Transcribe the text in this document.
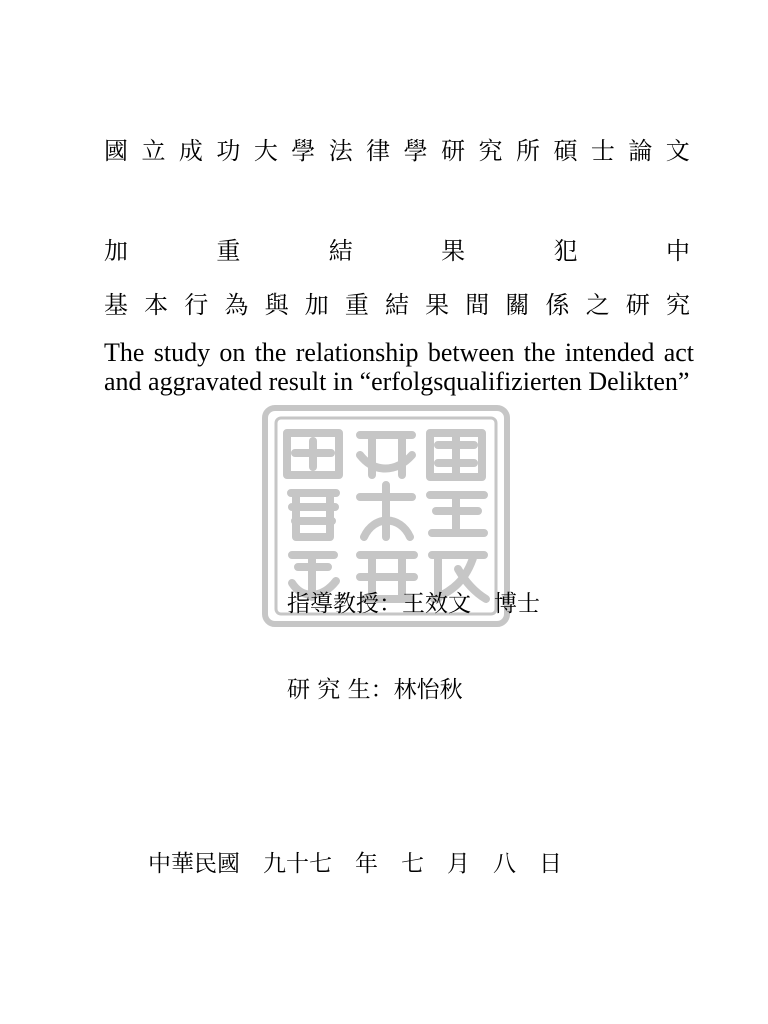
國 立 成 功 大 學 法 律 學 研 究 所 碩 士 論 文
加	重	結	果	犯	中
基 本 行 為 與 加 重 結 果 間 關 係 之 研 究
The study on the relationship between the intended act and aggravated result in “erfolgsqualifizierten Delikten”
指導教授：王效文　博士
研 究 生：林怡秋
中華民國　九十七　年　七　月　八　日
